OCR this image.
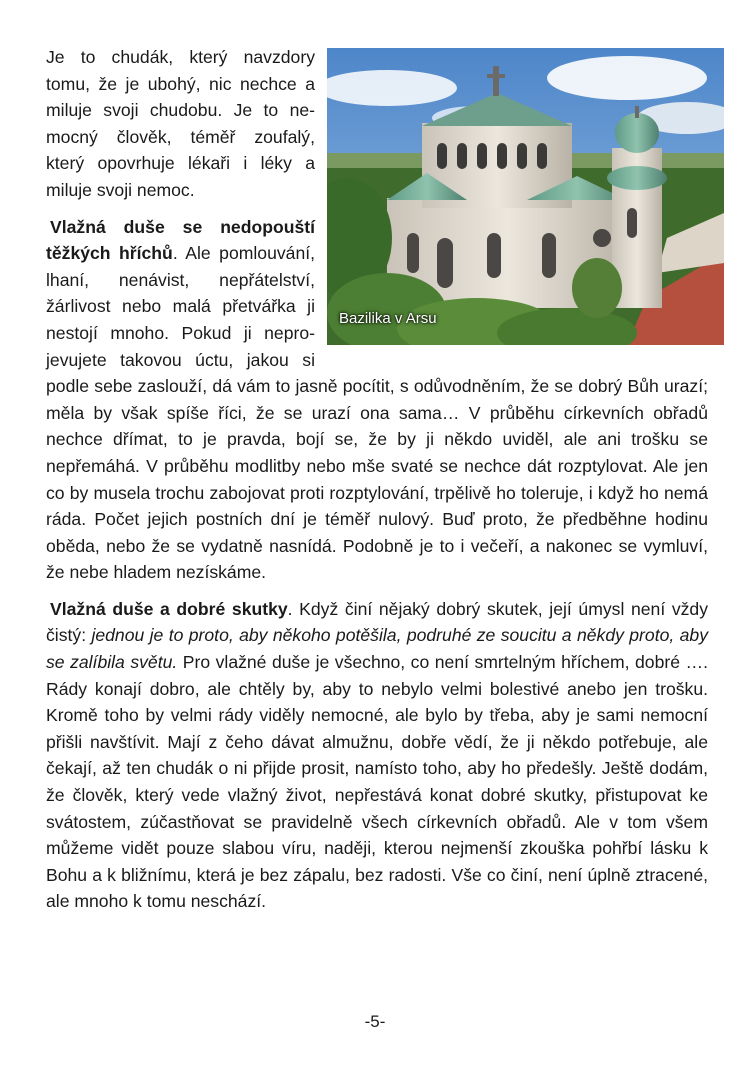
Bazilika v Arsu

Je to chudák, který navzdory tomu, že je ubohý, nic nechce a miluje svoji chudobu. Je to nemocný člověk, téměř zoufalý, který opovrhuje lékaři i léky a miluje svoji nemoc.

Vlažná duše se nedopouští těžkých hříchů. Ale pomlouvání, lhaní, nenávist, nepřátelství, žárlivost nebo malá přetvářka ji nestojí mnoho. Pokud ji neprojevujete takovou úctu, jakou si podle sebe zaslouží, dá vám to jasně pocítit, s odůvodněním, že se dobrý Bůh urazí; měla by však spíše říci, že se urazí ona sama… V průběhu církevních obřadů nechce dřímat, to je pravda, bojí se, že by ji někdo uviděl, ale ani trošku se nepřemáhá. V průběhu modlitby nebo mše svaté se nechce dát rozptylovat. Ale jen co by musela trochu zabojovat proti rozptylování, trpělivě ho toleruje, i když ho nemá ráda. Počet jejich postních dní je téměř nulový. Buď proto, že předběhne hodinu oběda, nebo že se vydatně nasnídá. Podobně je to i večeří, a nakonec se vymluví, že nebe hladem nezískáme.

Vlažná duše a dobré skutky. Když činí nějaký dobrý skutek, její úmysl není vždy čistý: jednou je to proto, aby někoho potěšila, podruhé ze soucitu a někdy proto, aby se zalíbila světu. Pro vlažné duše je všechno, co není smrtelným hříchem, dobré …. Rády konají dobro, ale chtěly by, aby to nebylo velmi bolestivé anebo jen trošku. Kromě toho by velmi rády viděly nemocné, ale bylo by třeba, aby je sami nemocní přišli navštívit. Mají z čeho dávat almužnu, dobře vědí, že ji někdo potřebuje, ale čekají, až ten chudák o ni přijde prosit, namísto toho, aby ho předešly. Ještě dodám, že člověk, který vede vlažný život, nepřestává konat dobré skutky, přistupovat ke svátostem, zúčastňovat se pravidelně všech církevních obřadů. Ale v tom všem můžeme vidět pouze slabou víru, naději, kterou nejmenší zkouška pohřbí lásku k Bohu a k bližnímu, která je bez zápalu, bez radosti. Vše co činí, není úplně ztracené, ale mnoho k tomu neschází.

-5-
